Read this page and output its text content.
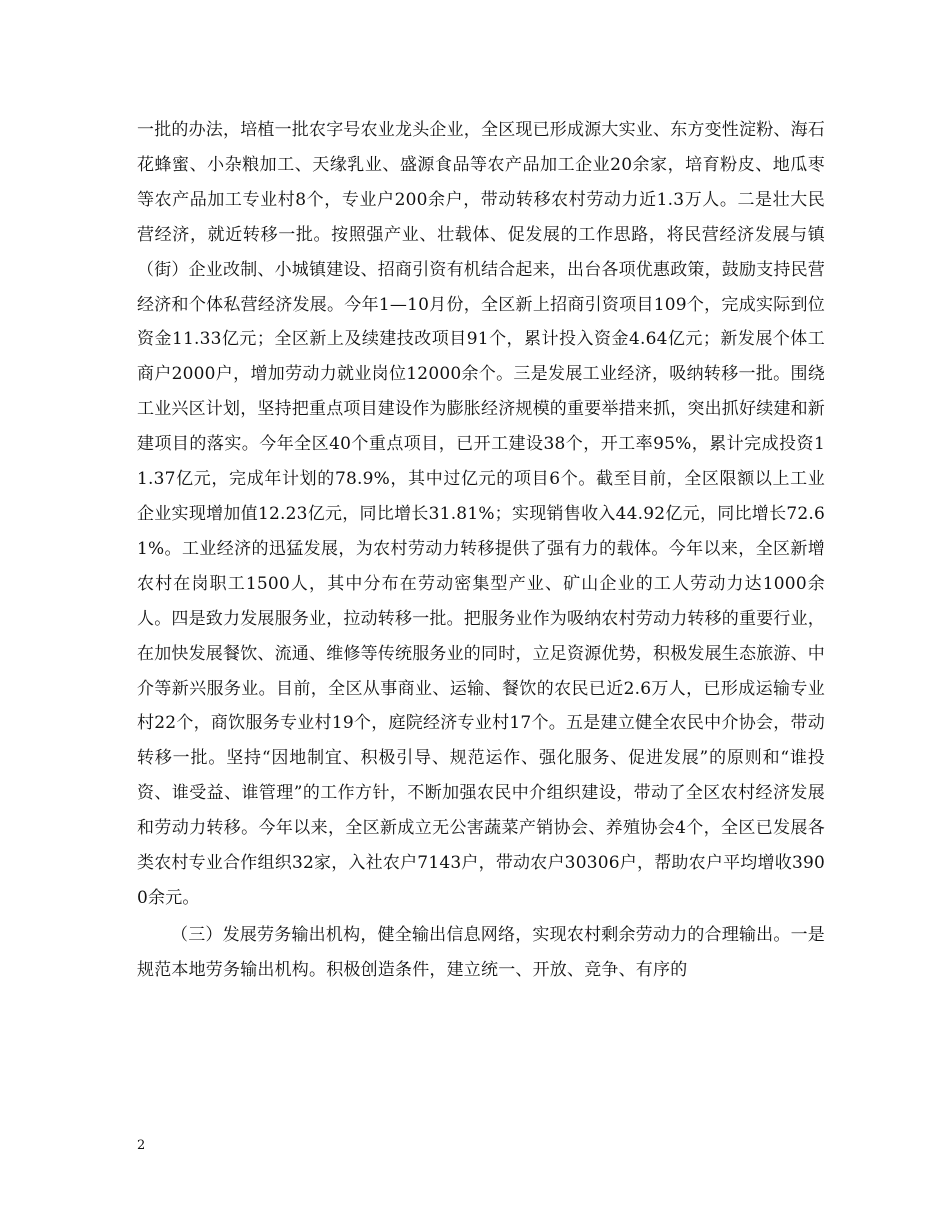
一批的办法，培植一批农字号农业龙头企业，全区现已形成源大实业、东方变性淀粉、海石花蜂蜜、小杂粮加工、天缘乳业、盛源食品等农产品加工企业20余家，培育粉皮、地瓜枣等农产品加工专业村8个，专业户200余户，带动转移农村劳动力近1.3万人。二是壮大民营经济，就近转移一批。按照强产业、壮载体、促发展的工作思路，将民营经济发展与镇（街）企业改制、小城镇建设、招商引资有机结合起来，出台各项优惠政策，鼓励支持民营经济和个体私营经济发展。今年1—10月份，全区新上招商引资项目109个，完成实际到位资金11.33亿元；全区新上及续建技改项目91个，累计投入资金4.64亿元；新发展个体工商户2000户，增加劳动力就业岗位12000余个。三是发展工业经济，吸纳转移一批。围绕工业兴区计划，坚持把重点项目建设作为膨胀经济规模的重要举措来抓，突出抓好续建和新建项目的落实。今年全区40个重点项目，已开工建设38个，开工率95%，累计完成投资11.37亿元，完成年计划的78.9%，其中过亿元的项目6个。截至目前，全区限额以上工业企业实现增加值12.23亿元，同比增长31.81%；实现销售收入44.92亿元，同比增长72.61%。工业经济的迅猛发展，为农村劳动力转移提供了强有力的载体。今年以来，全区新增农村在岗职工1500人，其中分布在劳动密集型产业、矿山企业的工人劳动力达1000余人。四是致力发展服务业，拉动转移一批。把服务业作为吸纳农村劳动力转移的重要行业，在加快发展餐饮、流通、维修等传统服务业的同时，立足资源优势，积极发展生态旅游、中介等新兴服务业。目前，全区从事商业、运输、餐饮的农民已近2.6万人，已形成运输专业村22个，商饮服务专业村19个，庭院经济专业村17个。五是建立健全农民中介协会，带动转移一批。坚持“因地制宜、积极引导、规范运作、强化服务、促进发展”的原则和“谁投资、谁受益、谁管理”的工作方针，不断加强农民中介组织建设，带动了全区农村经济发展和劳动力转移。今年以来，全区新成立无公害蔬菜产销协会、养殖协会4个，全区已发展各类农村专业合作组织32家，入社农户7143户，带动农户30306户，帮助农户平均增收3900余元。

（三）发展劳务输出机构，健全输出信息网络，实现农村剩余劳动力的合理输出。一是规范本地劳务输出机构。积极创造条件，建立统一、开放、竞争、有序的

2
